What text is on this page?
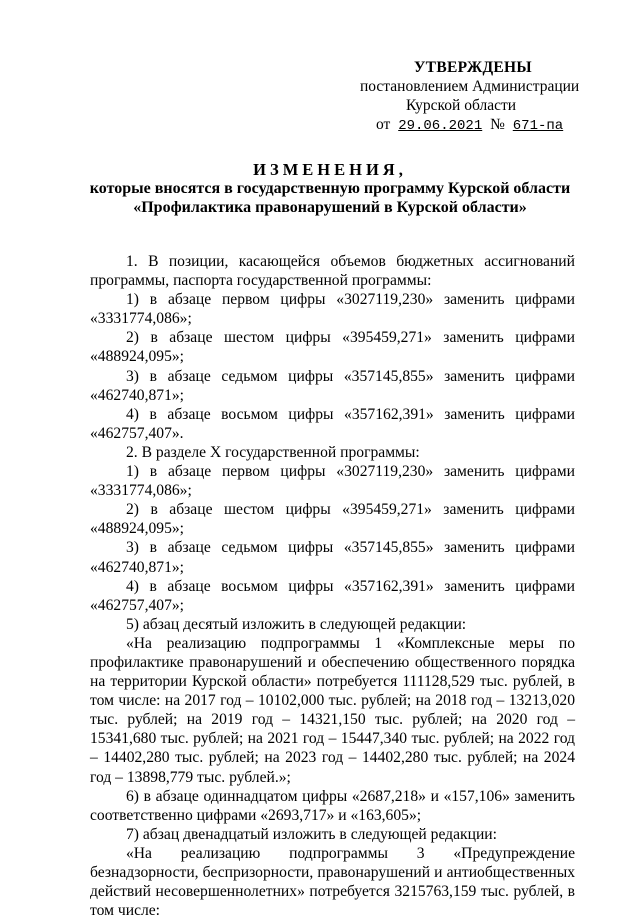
УТВЕРЖДЕНЫ
постановлением Администрации
Курской области
от 29.06.2021 № 671-па
ИЗМЕНЕНИЯ,
которые вносятся в государственную программу Курской области
«Профилактика правонарушений в Курской области»

1. В позиции, касающейся объемов бюджетных ассигнований программы, паспорта государственной программы:

1) в абзаце первом цифры «3027119,230» заменить цифрами «3331774,086»;

2) в абзаце шестом цифры «395459,271» заменить цифрами «488924,095»;

3) в абзаце седьмом цифры «357145,855» заменить цифрами «462740,871»;

4) в абзаце восьмом цифры «357162,391» заменить цифрами «462757,407».

2. В разделе X государственной программы:

1) в абзаце первом цифры «3027119,230» заменить цифрами «3331774,086»;

2) в абзаце шестом цифры «395459,271» заменить цифрами «488924,095»;

3) в абзаце седьмом цифры «357145,855» заменить цифрами «462740,871»;

4) в абзаце восьмом цифры «357162,391» заменить цифрами «462757,407»;

5) абзац десятый изложить в следующей редакции:

«На реализацию подпрограммы 1 «Комплексные меры по профилактике правонарушений и обеспечению общественного порядка на территории Курской области» потребуется 111128,529 тыс. рублей, в том числе: на 2017 год – 10102,000 тыс. рублей; на 2018 год – 13213,020 тыс. рублей; на 2019 год – 14321,150 тыс. рублей; на 2020 год – 15341,680 тыс. рублей; на 2021 год – 15447,340 тыс. рублей; на 2022 год – 14402,280 тыс. рублей; на 2023 год – 14402,280 тыс. рублей; на 2024 год – 13898,779 тыс. рублей.»;

6) в абзаце одиннадцатом цифры «2687,218» и «157,106» заменить соответственно цифрами «2693,717» и «163,605»;

7) абзац двенадцатый изложить в следующей редакции:

«На реализацию подпрограммы 3 «Предупреждение безнадзорности, беспризорности, правонарушений и антиобщественных действий несовершеннолетних» потребуется 3215763,159 тыс. рублей, в том числе:
